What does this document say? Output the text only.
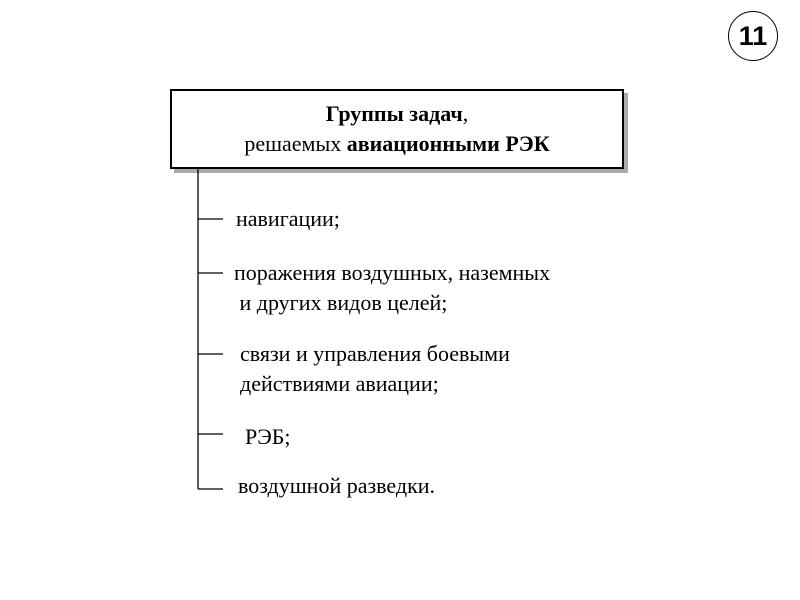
11
Группы задач,
решаемых авиационными РЭК
навигации;
поражения воздушных, наземных
и других видов целей;
связи и управления боевыми
действиями авиации;
РЭБ;
воздушной разведки.
